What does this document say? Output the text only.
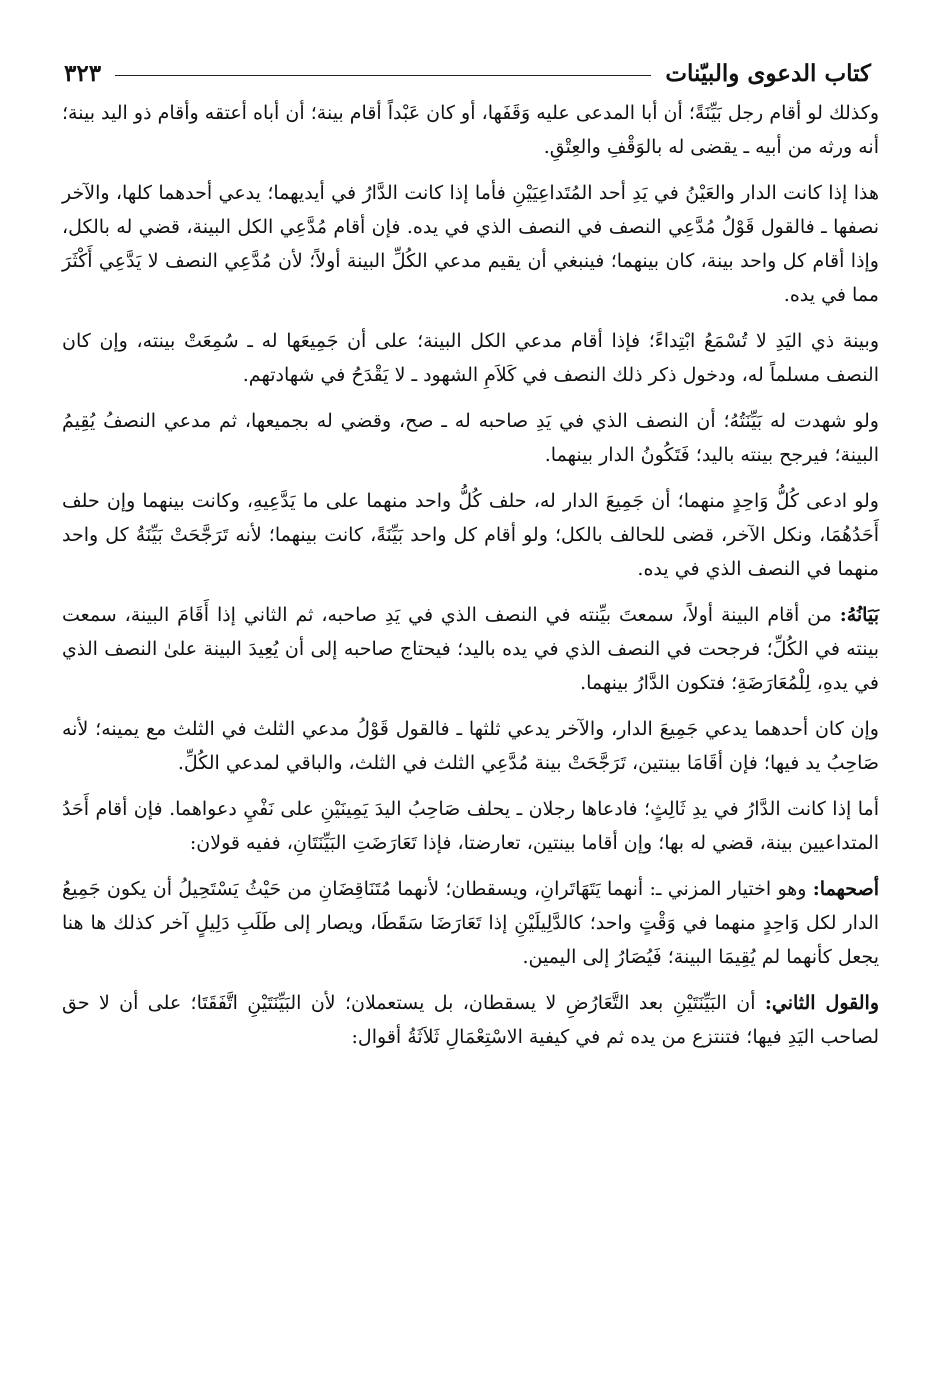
كتاب الدعوى والبيّنات
٣٢٣

وكذلك لو أقام رجل بَيِّنَةً؛ أن أبا المدعى عليه وَقَفَها، أو كان عَبْداً أقام بينة؛ أن أباه أعتقه وأقام ذو اليد بينة؛ أنه ورثه من أبيه ـ يقضى له بالوَقْفِ والعِتْقِ.

هذا إذا كانت الدار والعَيْنُ في يَدِ أحد المُتَداعِيَيْنِ فأما إذا كانت الدَّارُ في أيديهما؛ يدعي أحدهما كلها، والآخر نصفها ـ فالقول قَوْلُ مُدَّعِي النصف في النصف الذي في يده. فإن أقام مُدَّعِي الكل البينة، قضي له بالكل، وإذا أقام كل واحد بينة، كان بينهما؛ فينبغي أن يقيم مدعي الكُلِّ البينة أولاً؛ لأن مُدَّعِي النصف لا يَدَّعِي أَكْثَرَ مما في يده.

وبينة ذي اليَدِ لا تُسْمَعُ ابْتِداءً؛ فإذا أقام مدعي الكل البينة؛ على أن جَمِيعَها له ـ سُمِعَتْ بينته، وإن كان النصف مسلماً له، ودخول ذكر ذلك النصف في كَلاَمِ الشهود ـ لا يَقْدَحُ في شهادتهم.

ولو شهدت له بَيِّنَتُهُ؛ أن النصف الذي في يَدِ صاحبه له ـ صح، وقضي له بجميعها، ثم مدعي النصفُ يُقِيمُ البينة؛ فيرجح بينته باليد؛ فَتَكُونُ الدار بينهما.

ولو ادعى كُلُّ وَاحِدٍ منهما؛ أن جَمِيعَ الدار له، حلف كُلُّ واحد منهما على ما يَدَّعِيهِ، وكانت بينهما وإن حلف أَحَدُهُمَا، ونكل الآخر، قضى للحالف بالكل؛ ولو أقام كل واحد بَيِّنَةً، كانت بينهما؛ لأنه تَرَجَّحَتْ بَيِّنَةُ كل واحد منهما في النصف الذي في يده.

بَيَانُهُ: من أقام البينة أولاً، سمعتَ بيِّنته في النصف الذي في يَدِ صاحبه، ثم الثاني إذا أَقَامَ البينة، سمعت بينته في الكُلِّ؛ فرجحت في النصف الذي في يده باليد؛ فيحتاج صاحبه إلى أن يُعِيدَ البينة علىٰ النصف الذي في يدهِ، لِلْمُعَارَضَةِ؛ فتكون الدَّارُ بينهما.

وإن كان أحدهما يدعي جَمِيعَ الدار، والآخر يدعي ثلثها ـ فالقول قَوْلُ مدعي الثلث في الثلث مع يمينه؛ لأنه صَاحِبُ يد فيها؛ فإن أقَامَا بينتين، تَرَجَّحَتْ بينة مُدَّعِي الثلث في الثلث، والباقي لمدعي الكُلِّ.

أما إذا كانت الدَّارُ في يدِ ثَالِثٍ؛ فادعاها رجلان ـ يحلف صَاحِبُ اليدَ يَمِينَيْنِ على نَفْيِ دعواهما. فإن أقام أَحَدُ المتداعيين بينة، قضي له بها؛ وإن أقاما بينتين، تعارضتا، فإذا تَعَارَضَتِ البَيِّنَتَانِ، ففيه قولان:

أصحهما: وهو اختيار المزني ـ: أنهما يَتَهَاتَرانِ، ويسقطان؛ لأنهما مُتَنَاقِضَانِ من حَيْثُ يَسْتَحِيلُ أن يكون جَمِيعُ الدار لكل وَاحِدٍ منهما في وَقْتٍ واحد؛ كالدَّلِيلَيْنِ إذا تَعَارَضَا سَقَطَا، ويصار إلى طَلَبِ دَلِيلٍ آخر كذلك ها هنا يجعل كأنهما لم يُقِيمَا البينة؛ فَيُصَارُ إلى اليمين.

والقول الثاني: أن البَيِّنَتَيْنِ بعد التَّعَارُضِ لا يسقطان، بل يستعملان؛ لأن البَيِّنَتَيْنِ اتَّفَقَتَا؛ على أن لا حق لصاحب اليَدِ فيها؛ فتنتزع من يده ثم في كيفية الاسْتِعْمَالِ ثَلاَثَةُ أقوال:
